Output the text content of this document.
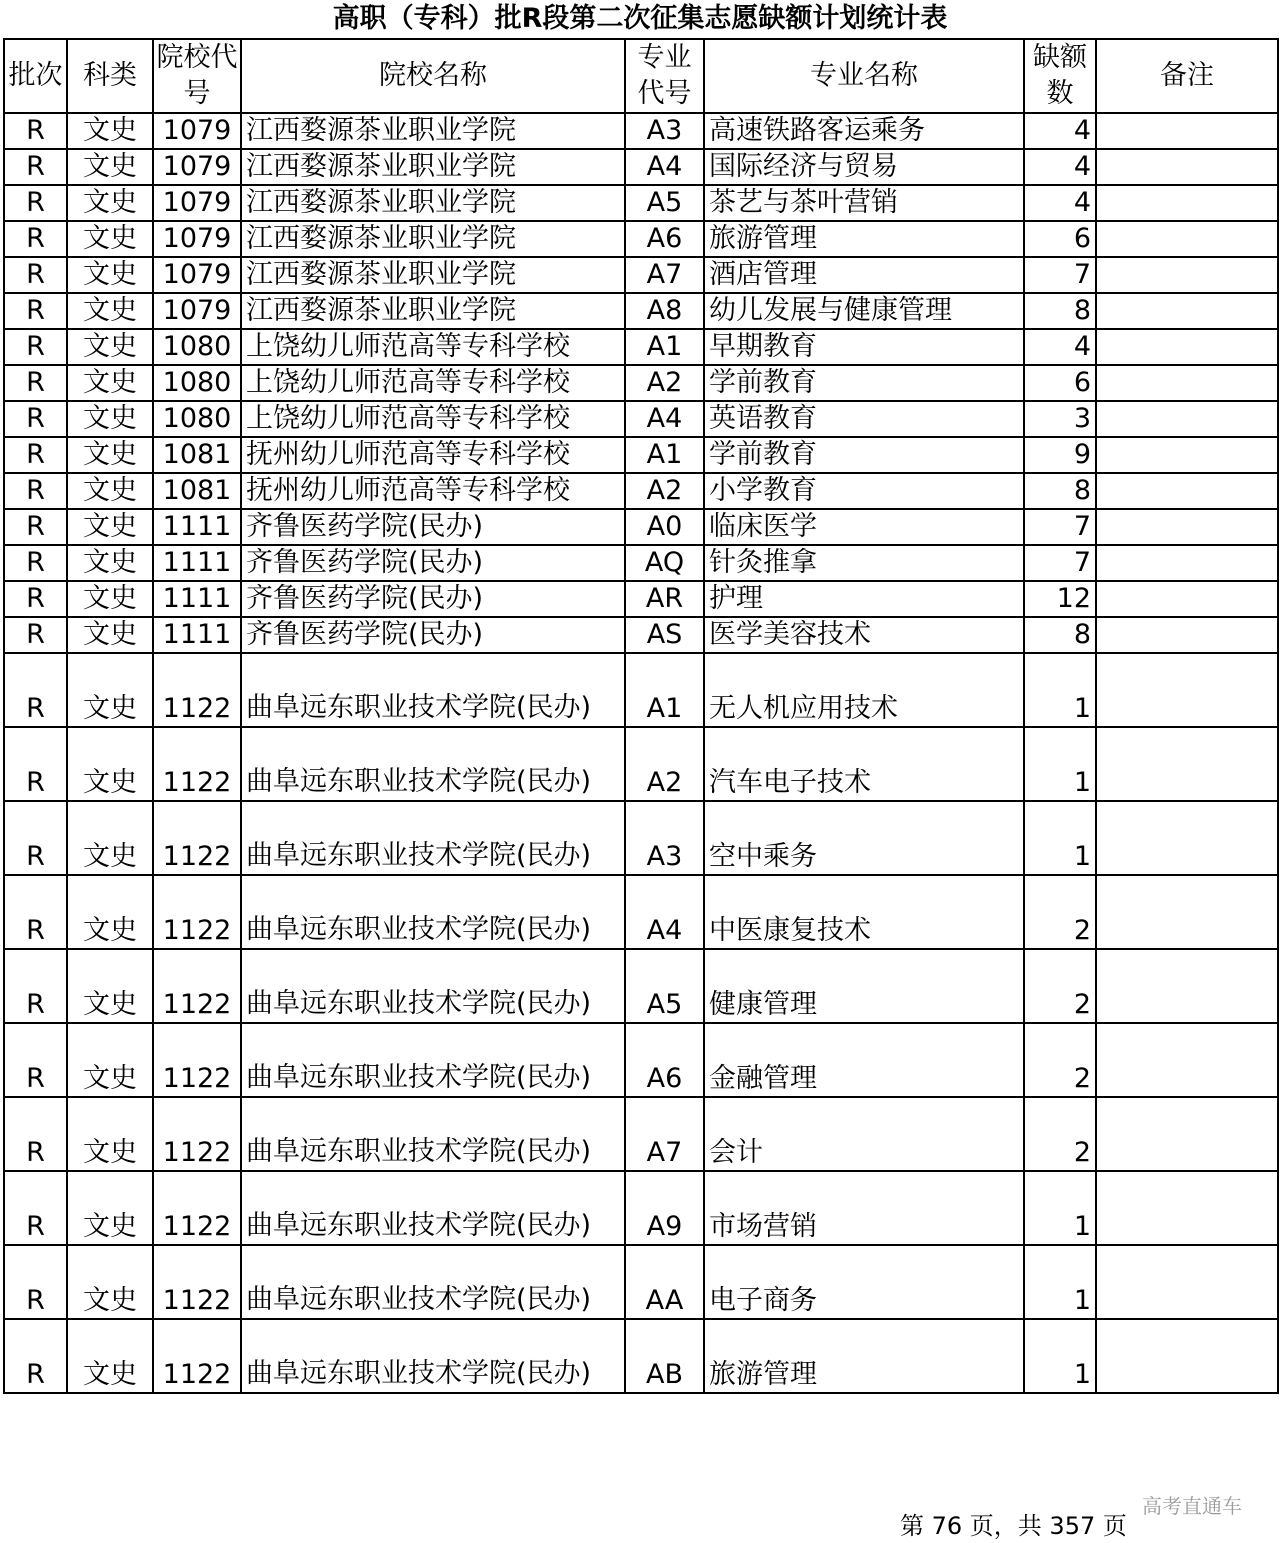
高职（专科）批R段第二次征集志愿缺额计划统计表
批次	科类	院校代号	院校名称	专业代号	专业名称	缺额数	备注
R	文史	1079	江西婺源茶业职业学院	A3	高速铁路客运乘务	4	
R	文史	1079	江西婺源茶业职业学院	A4	国际经济与贸易	4	
R	文史	1079	江西婺源茶业职业学院	A5	茶艺与茶叶营销	4	
R	文史	1079	江西婺源茶业职业学院	A6	旅游管理	6	
R	文史	1079	江西婺源茶业职业学院	A7	酒店管理	7	
R	文史	1079	江西婺源茶业职业学院	A8	幼儿发展与健康管理	8	
R	文史	1080	上饶幼儿师范高等专科学校	A1	早期教育	4	
R	文史	1080	上饶幼儿师范高等专科学校	A2	学前教育	6	
R	文史	1080	上饶幼儿师范高等专科学校	A4	英语教育	3	
R	文史	1081	抚州幼儿师范高等专科学校	A1	学前教育	9	
R	文史	1081	抚州幼儿师范高等专科学校	A2	小学教育	8	
R	文史	1111	齐鲁医药学院(民办)	A0	临床医学	7	
R	文史	1111	齐鲁医药学院(民办)	AQ	针灸推拿	7	
R	文史	1111	齐鲁医药学院(民办)	AR	护理	12	
R	文史	1111	齐鲁医药学院(民办)	AS	医学美容技术	8	
R	文史	1122	曲阜远东职业技术学院(民办)	A1	无人机应用技术	1	
R	文史	1122	曲阜远东职业技术学院(民办)	A2	汽车电子技术	1	
R	文史	1122	曲阜远东职业技术学院(民办)	A3	空中乘务	1	
R	文史	1122	曲阜远东职业技术学院(民办)	A4	中医康复技术	2	
R	文史	1122	曲阜远东职业技术学院(民办)	A5	健康管理	2	
R	文史	1122	曲阜远东职业技术学院(民办)	A6	金融管理	2	
R	文史	1122	曲阜远东职业技术学院(民办)	A7	会计	2	
R	文史	1122	曲阜远东职业技术学院(民办)	A9	市场营销	1	
R	文史	1122	曲阜远东职业技术学院(民办)	AA	电子商务	1	
R	文史	1122	曲阜远东职业技术学院(民办)	AB	旅游管理	1	
高考直通车
第 76 页，共 357 页
